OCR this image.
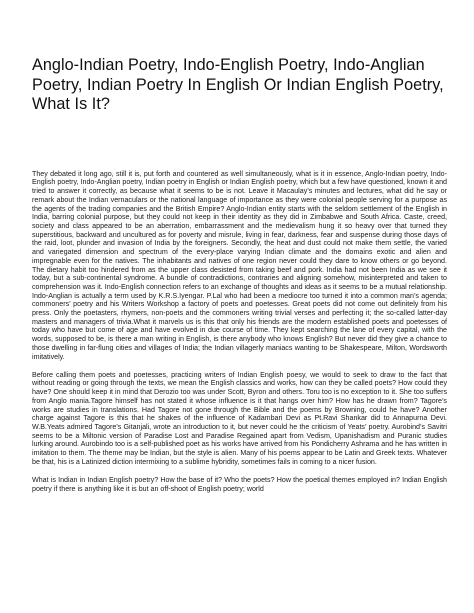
Anglo-Indian Poetry, Indo-English Poetry, Indo-Anglian Poetry, Indian Poetry In English Or Indian English Poetry, What Is It?

They debated it long ago, still it is, put forth and countered as well simultaneously, what is it in essence, Anglo-Indian poetry, Indo-English poetry, Indo-Anglian poetry, Indian poetry in English or Indian English poetry, which but a few have questioned, known it and tried to answer it correctly, as because what it seems to be is not. Leave it Macaulay’s minutes and lectures, what did he say or remark about the Indian vernaculars or the national language of importance as they were colonial people serving for a purpose as the agents of the trading companies and the British Empire? Anglo-Indian entity starts with the seldom settlement of the English in India, barring colonial purpose, but they could not keep in their identity as they did in Zimbabwe and South Africa. Caste, creed, society and class appeared to be an aberration, embarrassment and the medievalism hung it so heavy over that turned they superstitious, backward and uncultured as for poverty and misrule, living in fear, darkness, fear and suspense during those days of the raid, loot, plunder and invasion of India by the foreigners. Secondly, the heat and dust could not make them settle, the varied and variegated dimension and spectrum of the every-place varying Indian climate and the domains exotic and alien and impregnable even for the natives. The inhabitants and natives of one region never could they dare to know others or go beyond. The dietary habit too hindered from as the upper class desisted from taking beef and pork. India had not been India as we see it today, but a sub-continental syndrome. A bundle of contradictions, contraries and aligning somehow, misinterpreted and taken to comprehension was it. Indo-English connection refers to an exchange of thoughts and ideas as it seems to be a mutual relationship. Indo-Anglian is actually a term used by K.R.S.Iyengar. P.Lal who had been a mediocre too turned it into a common man’s agenda; commoners’ poetry and his Writers Workshop a factory of poets and poetesses. Great poets did not come out definitely from his press. Only the poetasters, rhymers, non-poets and the commoners writing trivial verses and perfecting it; the so-called latter-day masters and managers of trivia.What it marvels us is this that only his friends are the modern established poets and poetesses of today who have but come of age and have evolved in due course of time. They kept searching the lane of every capital, with the words, supposed to be, is there a man writing in English, is there anybody who knows English? But never did they give a chance to those dwelling in far-flung cities and villages of India; the Indian villagerly maniacs wanting to be Shakespeare, Milton, Wordsworth imitatively.

Before calling them poets and poetesses, practicing writers of Indian English poesy, we would to seek to draw to the fact that without reading or going through the texts, we mean the English classics and works, how can they be called poets? How could they have? One should keep it in mind that Derozio too was under Scott, Byron and others. Toru too is no exception to it. She too suffers from Anglo mania.Tagore himself has not stated it whose influence is it that hangs over him? How has he drawn from? Tagore’s works are studies in translations. Had Tagore not gone through the Bible and the poems by Browning, could he have? Another charge against Tagore is this that he shakes of the influence of Kadambari Devi as Pt.Ravi Shankar did to Annapurna Devi. W.B.Yeats admired Tagore’s Gitanjali, wrote an introduction to it, but never could he the criticism of Yeats’ poetry. Aurobind’s Savitri seems to be a Miltonic version of Paradise Lost and Paradise Regained apart from Vedism, Upanishadism and Puranic studies lurking around. Aurobindo too is a self-published poet as his works have arrived from his Pondicherry Ashrama and he has written in imitation to them. The theme may be Indian, but the style is alien. Many of his poems appear to be Latin and Greek texts. Whatever be that, his is a Latinized diction intermixing to a sublime hybridity, sometimes fails in coming to a nicer fusion.

What is Indian in Indian English poetry? How the base of it? Who the poets? How the poetical themes employed in? Indian English poetry if there is anything like it is but an off-shoot of English poetry; world
